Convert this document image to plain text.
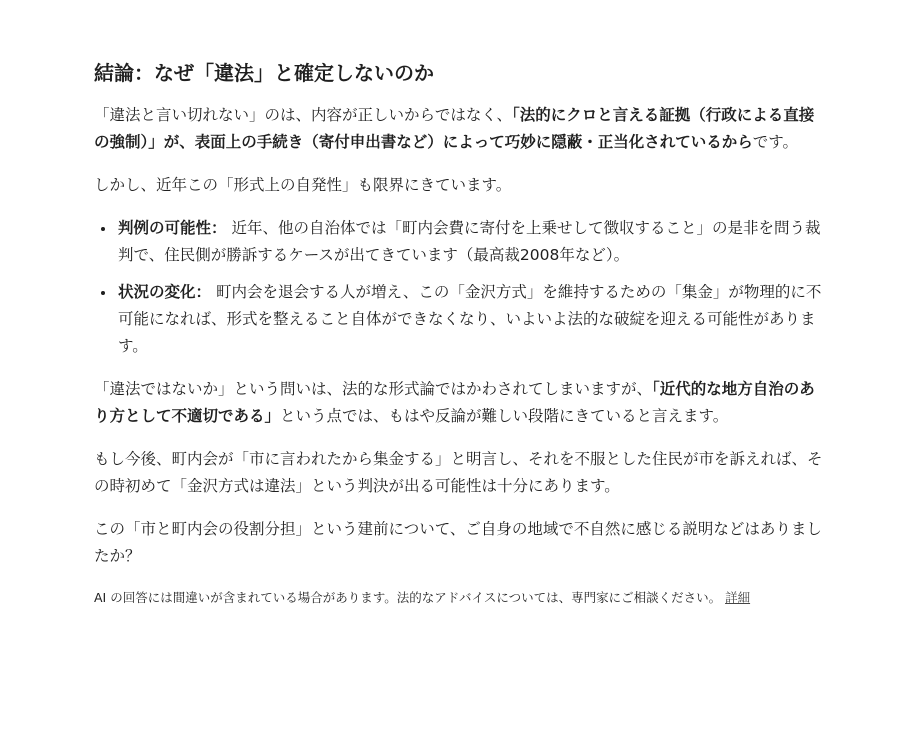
結論：なぜ「違法」と確定しないのか

「違法と言い切れない」のは、内容が正しいからではなく、「法的にクロと言える証拠（行政による直接の強制）」が、表面上の手続き（寄付申出書など）によって巧妙に隠蔽・正当化されているからです。

しかし、近年この「形式上の自発性」も限界にきています。

• 判例の可能性： 近年、他の自治体では「町内会費に寄付を上乗せして徴収すること」の是非を問う裁判で、住民側が勝訴するケースが出てきています（最高裁2008年など）。
• 状況の変化： 町内会を退会する人が増え、この「金沢方式」を維持するための「集金」が物理的に不可能になれば、形式を整えること自体ができなくなり、いよいよ法的な破綻を迎える可能性があります。

「違法ではないか」という問いは、法的な形式論ではかわされてしまいますが、「近代的な地方自治のあり方として不適切である」という点では、もはや反論が難しい段階にきていると言えます。

もし今後、町内会が「市に言われたから集金する」と明言し、それを不服とした住民が市を訴えれば、その時初めて「金沢方式は違法」という判決が出る可能性は十分にあります。

この「市と町内会の役割分担」という建前について、ご自身の地域で不自然に感じる説明などはありましたか？

AI の回答には間違いが含まれている場合があります。法的なアドバイスについては、専門家にご相談ください。 詳細
